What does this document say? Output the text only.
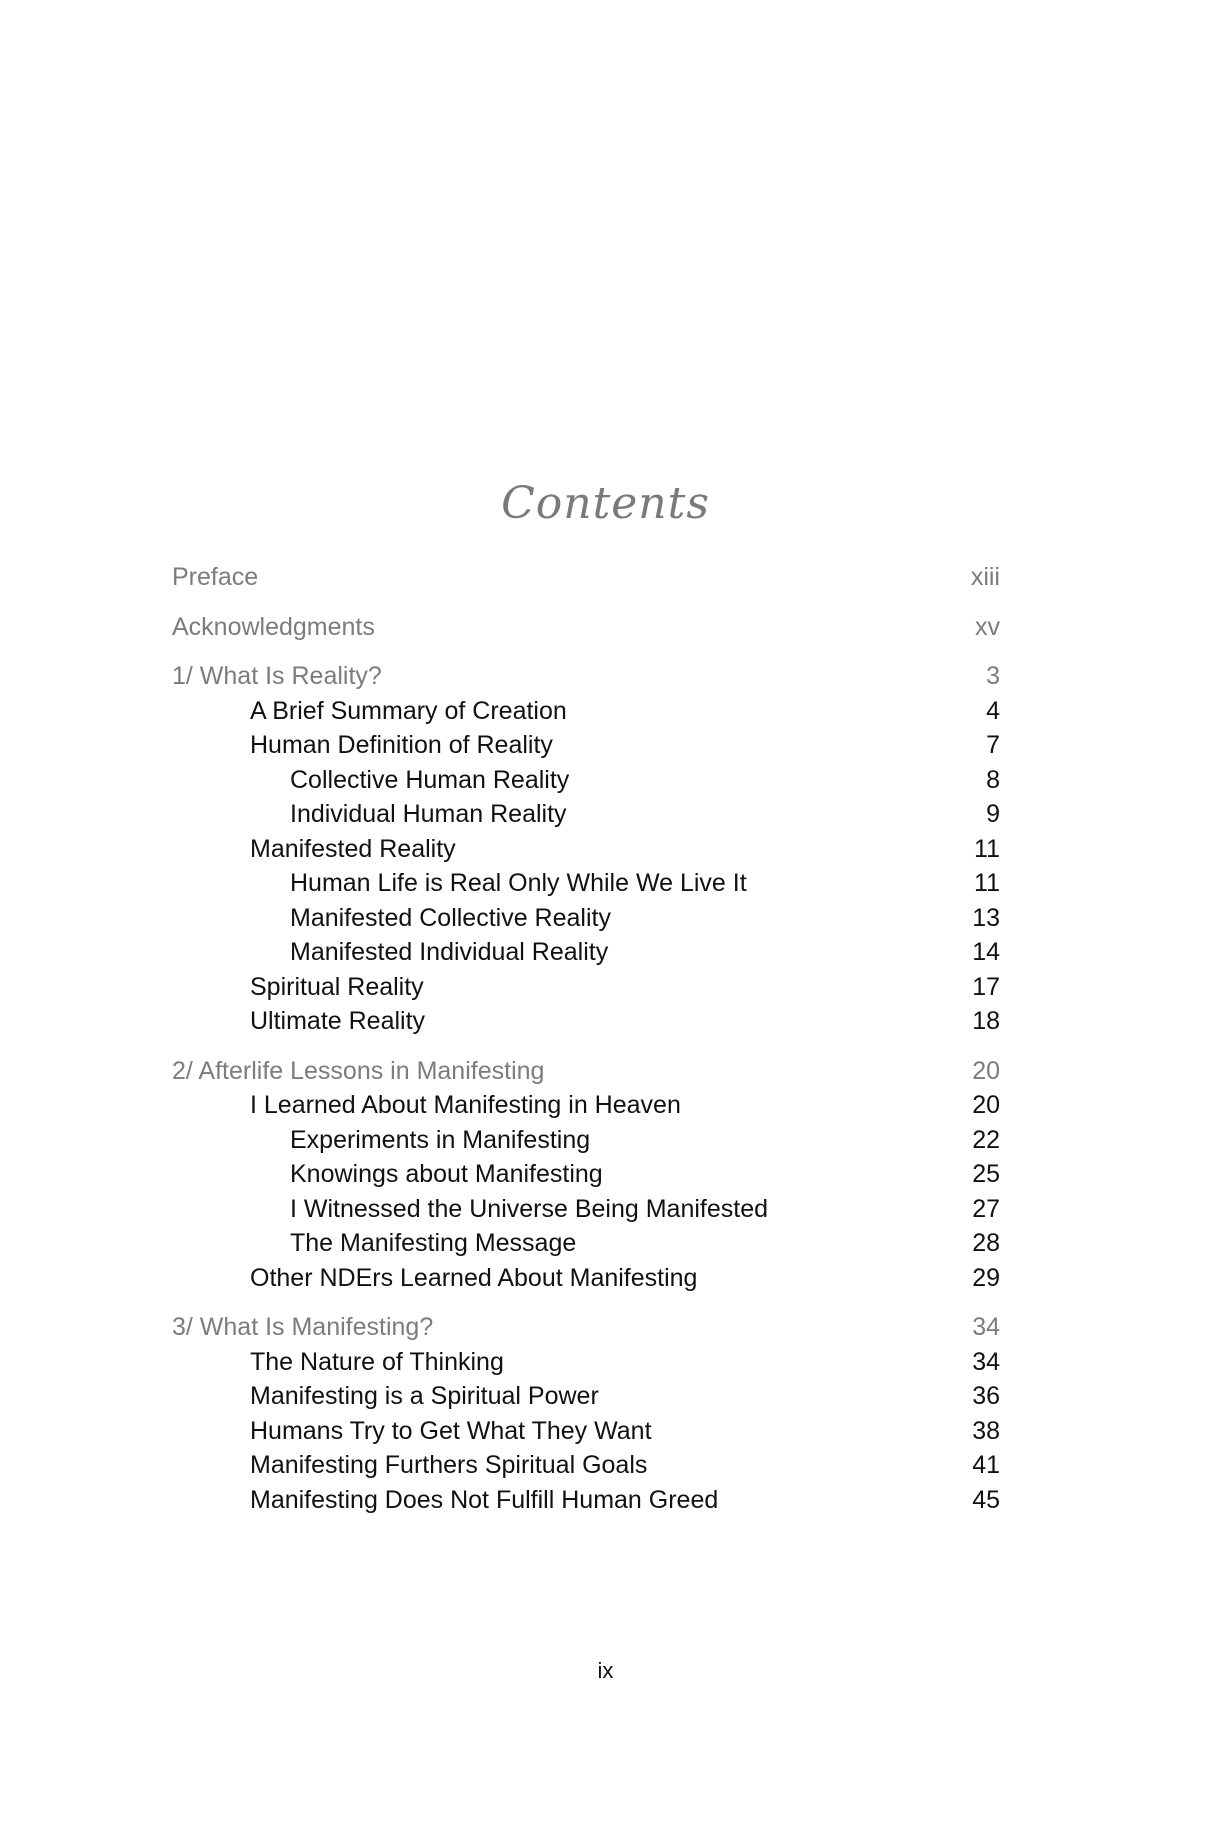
Contents
Preface	xiii
Acknowledgments	xv
1/ What Is Reality?	3
A Brief Summary of Creation	4
Human Definition of Reality	7
Collective Human Reality	8
Individual Human Reality	9
Manifested Reality	11
Human Life is Real Only While We Live It	11
Manifested Collective Reality	13
Manifested Individual Reality	14
Spiritual Reality	17
Ultimate Reality	18
2/ Afterlife Lessons in Manifesting	20
I Learned About Manifesting in Heaven	20
Experiments in Manifesting	22
Knowings about Manifesting	25
I Witnessed the Universe Being Manifested	27
The Manifesting Message	28
Other NDErs Learned About Manifesting	29
3/ What Is Manifesting?	34
The Nature of Thinking	34
Manifesting is a Spiritual Power	36
Humans Try to Get What They Want	38
Manifesting Furthers Spiritual Goals	41
Manifesting Does Not Fulfill Human Greed	45
ix
